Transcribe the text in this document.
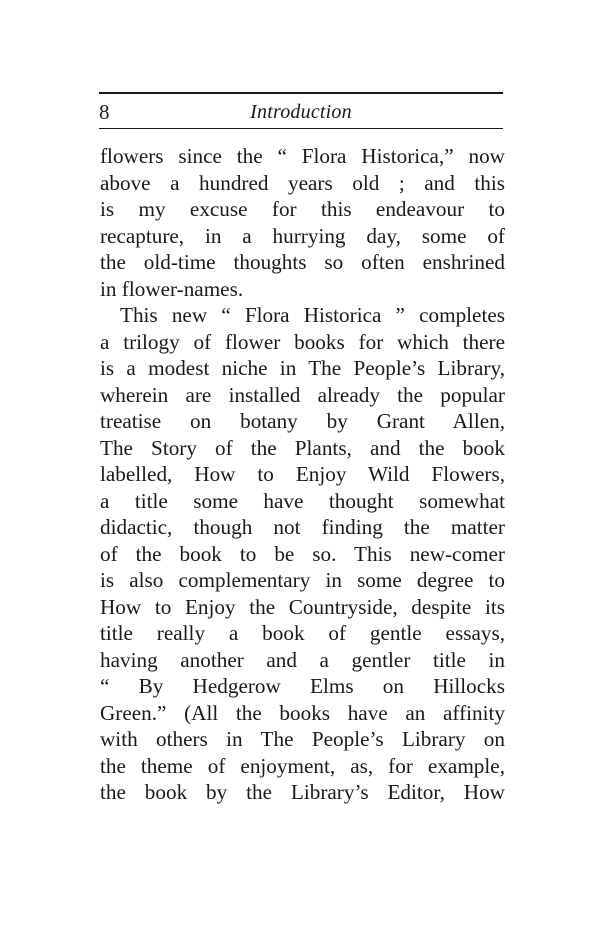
8	Introduction
flowers since the “ Flora Historica,” now
above a hundred years old ; and this
is my excuse for this endeavour to
recapture, in a hurrying day, some of
the old-time thoughts so often enshrined
in flower-names.
This new “ Flora Historica ” completes
a trilogy of flower books for which there
is a modest niche in The People’s Library,
wherein are installed already the popular
treatise on botany by Grant Allen,
The Story of the Plants, and the book
labelled, How to Enjoy Wild Flowers,
a title some have thought somewhat
didactic, though not finding the matter
of the book to be so. This new-comer
is also complementary in some degree to
How to Enjoy the Countryside, despite its
title really a book of gentle essays,
having another and a gentler title in
“ By Hedgerow Elms on Hillocks
Green.” (All the books have an affinity
with others in The People’s Library on
the theme of enjoyment, as, for example,
the book by the Library’s Editor, How
